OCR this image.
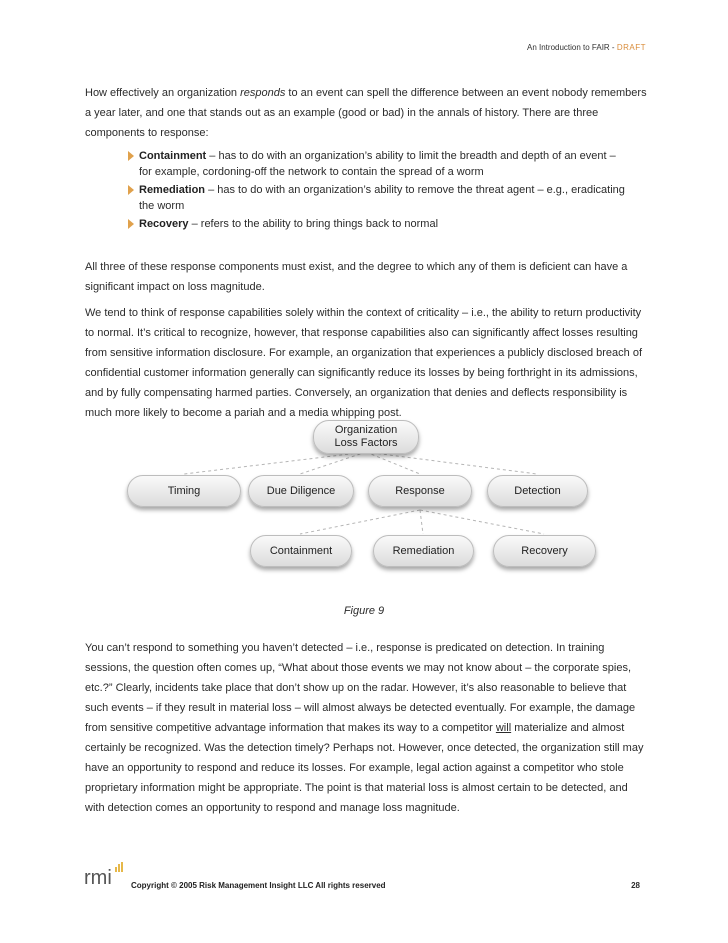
An Introduction to FAIR - DRAFT

How effectively an organization responds to an event can spell the difference between an event nobody remembers a year later, and one that stands out as an example (good or bad) in the annals of history. There are three components to response:

Containment – has to do with an organization’s ability to limit the breadth and depth of an event – for example, cordoning-off the network to contain the spread of a worm
Remediation – has to do with an organization’s ability to remove the threat agent – e.g., eradicating the worm
Recovery – refers to the ability to bring things back to normal

All three of these response components must exist, and the degree to which any of them is deficient can have a significant impact on loss magnitude.

We tend to think of response capabilities solely within the context of criticality – i.e., the ability to return productivity to normal. It’s critical to recognize, however, that response capabilities also can significantly affect losses resulting from sensitive information disclosure. For example, an organization that experiences a publicly disclosed breach of confidential customer information generally can significantly reduce its losses by being forthright in its admissions, and by fully compensating harmed parties. Conversely, an organization that denies and deflects responsibility is much more likely to become a pariah and a media whipping post.

Organization
Loss Factors
Timing	Due Diligence	Response	Detection
Containment	Remediation	Recovery
Figure 9

You can’t respond to something you haven’t detected – i.e., response is predicated on detection. In training sessions, the question often comes up, “What about those events we may not know about – the corporate spies, etc.?” Clearly, incidents take place that don’t show up on the radar. However, it’s also reasonable to believe that such events – if they result in material loss – will almost always be detected eventually. For example, the damage from sensitive competitive advantage information that makes its way to a competitor will materialize and almost certainly be recognized. Was the detection timely? Perhaps not. However, once detected, the organization still may have an opportunity to respond and reduce its losses. For example, legal action against a competitor who stole proprietary information might be appropriate. The point is that material loss is almost certain to be detected, and with detection comes an opportunity to respond and manage loss magnitude.

rmi Copyright © 2005 Risk Management Insight LLC All rights reserved	28
